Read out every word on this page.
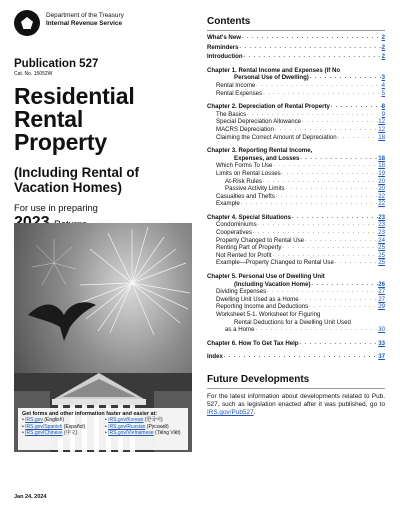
Department of the Treasury
Internal Revenue Service
Publication 527
Cat. No. 15052W
Residential
Rental
Property
(Including Rental of
Vacation Homes)
For use in preparing
Get forms and other information faster and easier at:
• IRS.gov (English)
• IRS.gov/Spanish (Español)
• IRS.gov/Chinese (中文)
• IRS.gov/Korean (한국어)
• IRS.gov/Russian (Pусский)
• IRS.gov/Vietnamese (Tiếng Việt)
Jan 24, 2024
Contents
What's New . . .	2
Reminders . . .	2
Introduction . . .	2
Chapter 1. Rental Income and Expenses (If No
Personal Use of Dwelling) . . .	3
Rental Income . . .	4
Rental Expenses . . .	5
Chapter 2. Depreciation of Rental Property . . .	8
The Basics . . .	9
Special Depreciation Allowance . . .	12
MACRS Depreciation . . .	12
Claiming the Correct Amount of Depreciation . . .	18
Chapter 3. Reporting Rental Income,
Expenses, and Losses . . .	18
Which Forms To Use . . .	18
Limits on Rental Losses . . .	19
At-Risk Rules . . .	20
Passive Activity Limits . . .	20
Casualties and Thefts . . .	22
Example . . .	22
Chapter 4. Special Situations . . .	23
Condominiums . . .	23
Cooperatives . . .	23
Property Changed to Rental Use . . .	24
Renting Part of Property . . .	25
Not Rented for Profit . . .	25
Example—Property Changed to Rental Use . . .	25
Chapter 5. Personal Use of Dwelling Unit
(Including Vacation Home) . . .	26
Dividing Expenses . . .	27
Dwelling Unit Used as a Home . . .	27
Reporting Income and Deductions . . .	29
Worksheet 5-1. Worksheet for Figuring
Rental Deductions for a Dwelling Unit Used
as a Home . . .	30
Chapter 6. How To Get Tax Help . . .	33
Index . . .	37
Future Developments
For the latest information about developments related to Pub. 527, such as legislation enacted after it was published, go to IRS.gov/Pub527.
